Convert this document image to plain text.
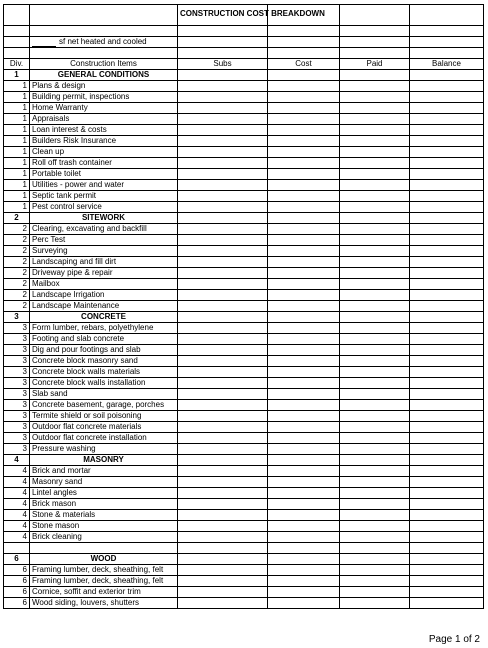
		CONSTRUCTION COST BREAKDOWN			

	sf net heated and cooled				

Div.	Construction Items	Subs	Cost	Paid	Balance
1	GENERAL CONDITIONS				
1	Plans & design				
1	Building permit, inspections				
1	Home Warranty				
1	Appraisals				
1	Loan interest & costs				
1	Builders Risk Insurance				
1	Clean up				
1	Roll off trash container				
1	Portable toilet				
1	Utilities - power and water				
1	Septic tank permit				
1	Pest control service				
2	SITEWORK				
2	Clearing, excavating and backfill				
2	Perc Test				
2	Surveying				
2	Landscaping and fill dirt				
2	Driveway pipe & repair				
2	Mailbox				
2	Landscape Irrigation				
2	Landscape Maintenance				
3	CONCRETE				
3	Form lumber, rebars, polyethylene				
3	Footing and slab concrete				
3	Dig and pour footings and slab				
3	Concrete block masonry sand				
3	Concrete block walls materials				
3	Concrete block walls installation				
3	Slab sand				
3	Concrete basement, garage, porches				
3	Termite shield or soil poisoning				
3	Outdoor flat concrete materials				
3	Outdoor flat concrete installation				
3	Pressure washing				
4	MASONRY				
4	Brick and mortar				
4	Masonry sand				
4	Lintel angles				
4	Brick mason				
4	Stone & materials				
4	Stone mason				
4	Brick cleaning				

6	WOOD				
6	Framing lumber, deck, sheathing, felt				
6	Framing lumber, deck, sheathing, felt				
6	Cornice, soffit and exterior trim				
6	Wood siding, louvers, shutters				
Page 1 of 2
